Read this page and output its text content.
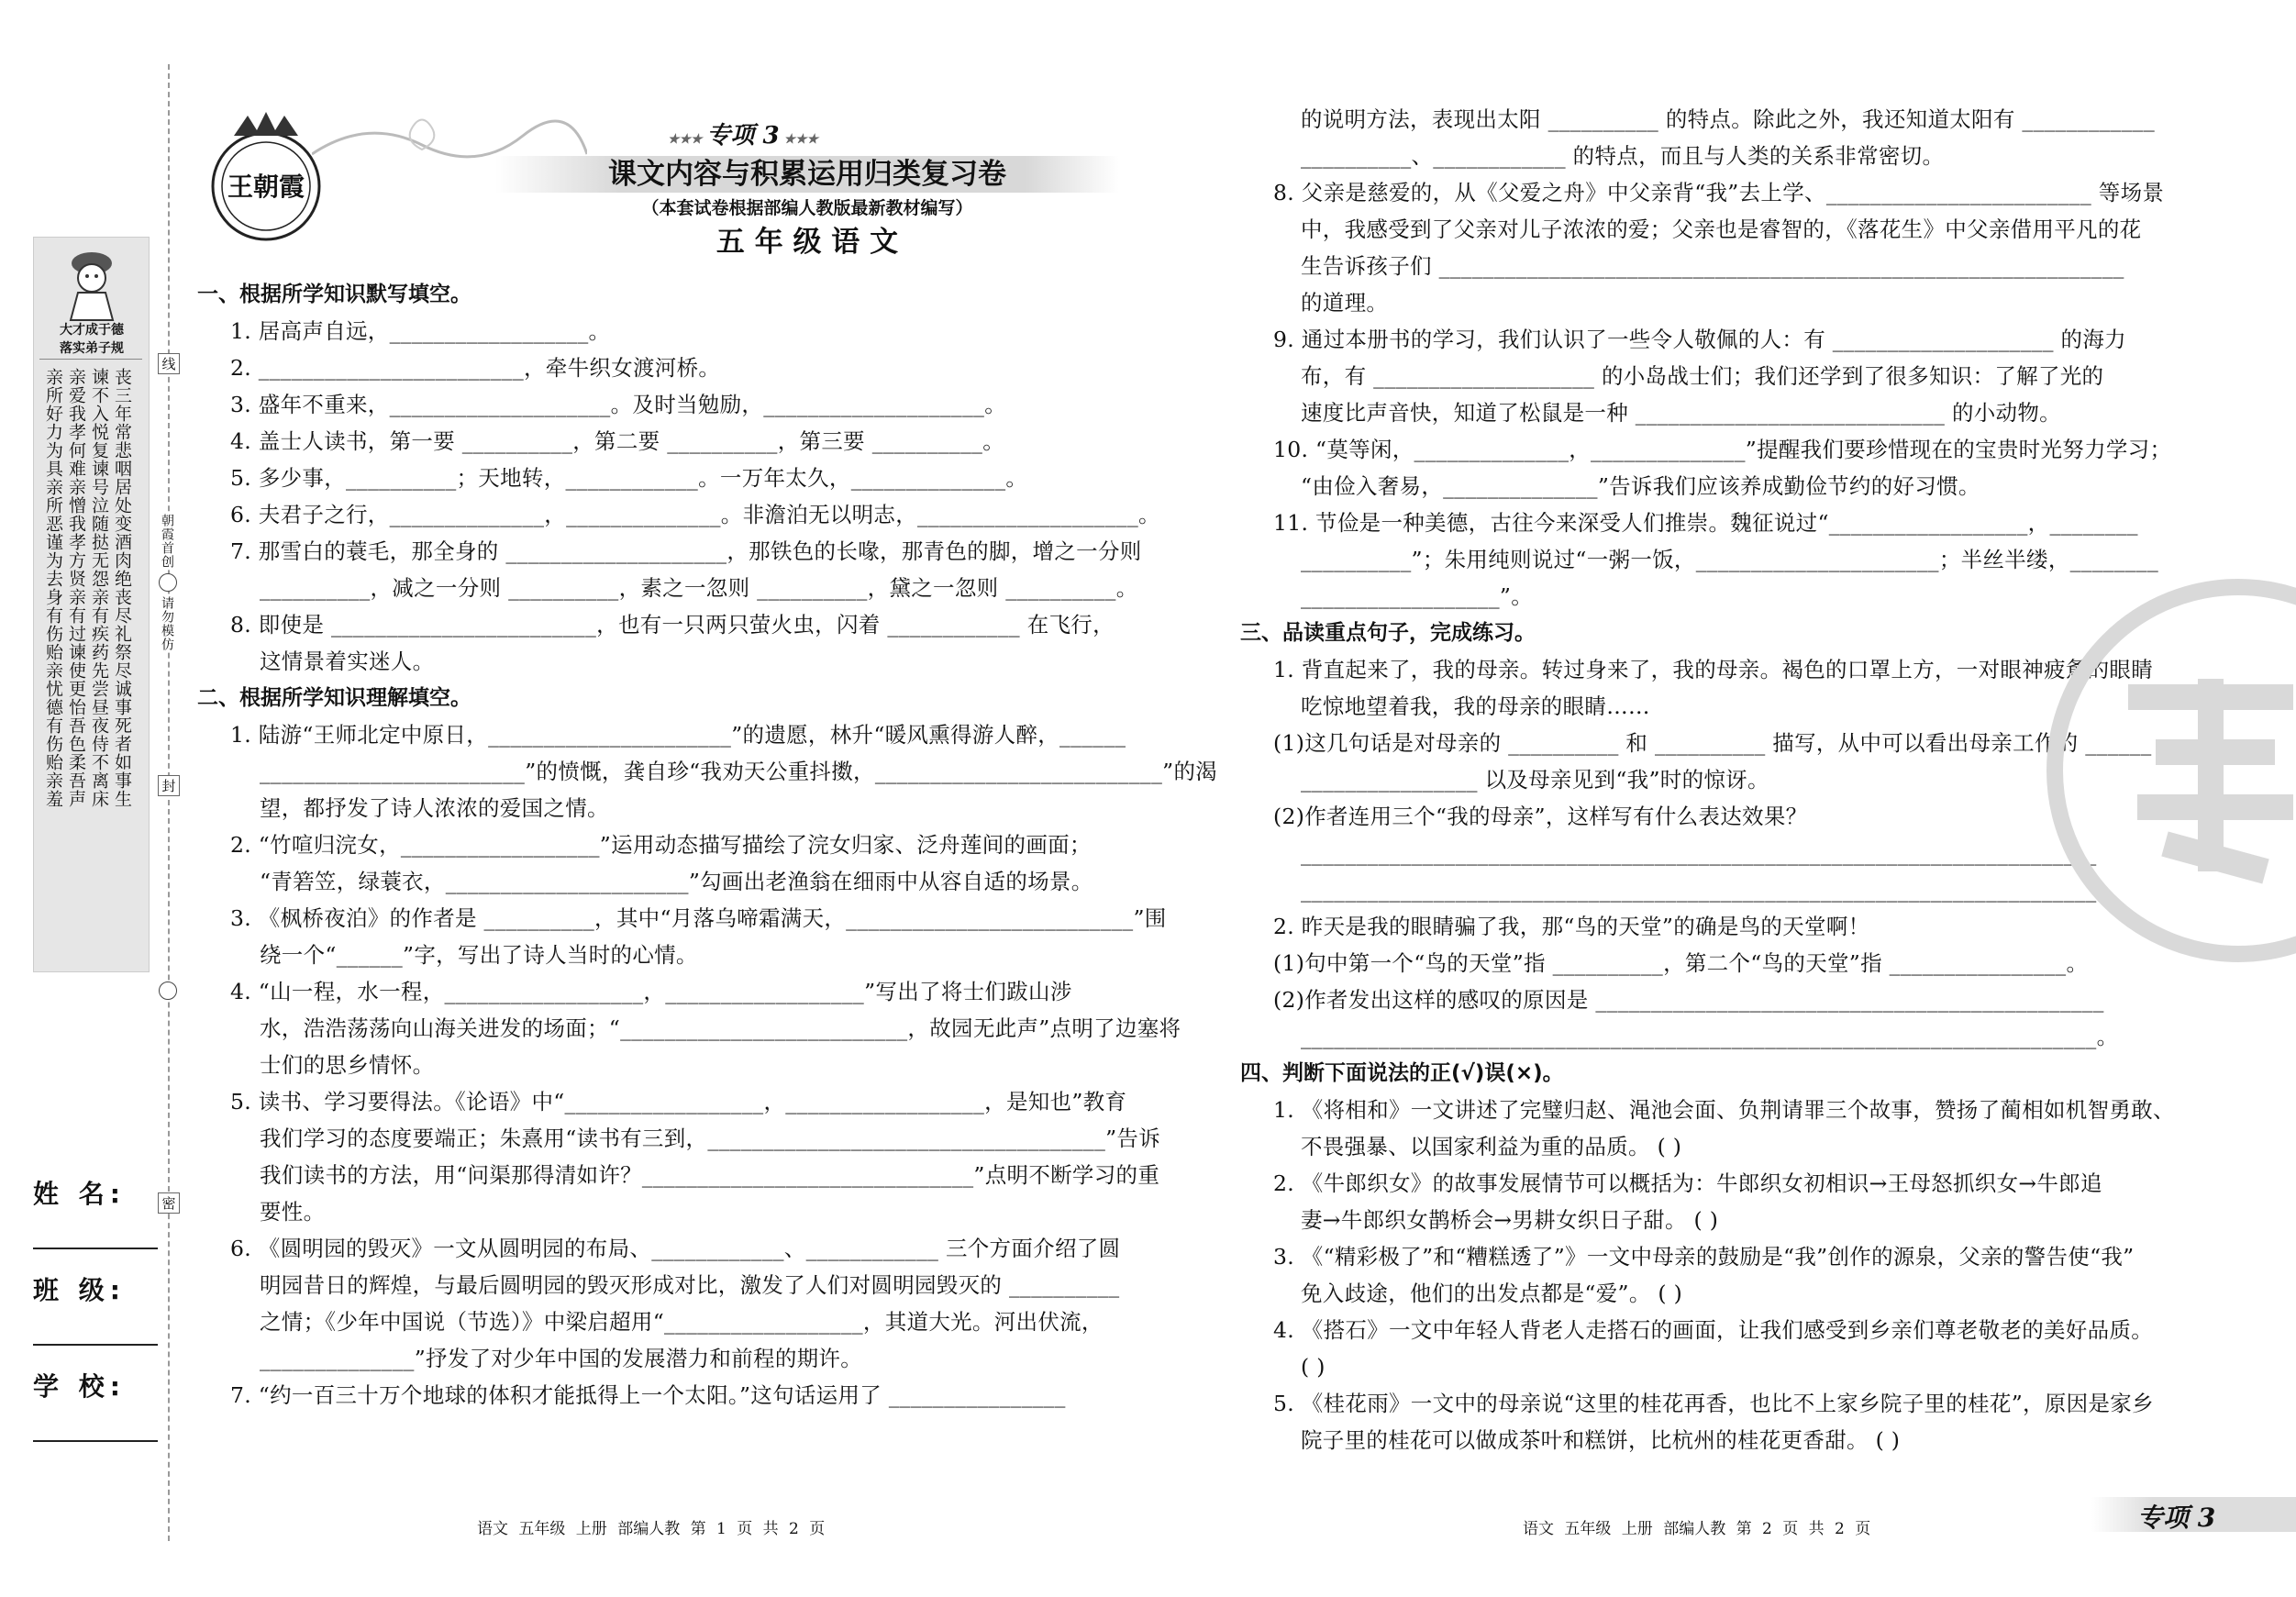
大才成于德
落实弟子规
丧三年常悲咽居处变酒肉绝丧尽礼祭尽诚事死者如事生
谏不入悦复谏号泣随挞无怨亲有疾药先尝昼夜侍不离床
亲爱我孝何难亲憎我孝方贤亲有过谏使更怡吾色柔吾声
亲所好力为具亲所恶谨为去身有伤贻亲忧德有伤贻亲羞
线
朝霞首创
请勿模仿
封
密
姓 名:
班 级:
学 校:
王朝霞
★★★ 专项 3 ★★★
课文内容与积累运用归类复习卷
（本套试卷根据部编人教版最新教材编写）
五 年 级 语 文
一、根据所学知识默写填空。
1. 居高声自远，__________________。
2. ________________________，牵牛织女渡河桥。
3. 盛年不重来，____________________。及时当勉励，____________________。
4. 盖士人读书，第一要 __________，第二要 __________，第三要 __________。
5. 多少事，__________；天地转，____________。一万年太久，______________。
6. 夫君子之行，______________，______________。非澹泊无以明志，____________________。
7. 那雪白的蓑毛，那全身的 ____________________，那铁色的长喙，那青色的脚，增之一分则
__________，减之一分则 __________，素之一忽则 __________，黛之一忽则 __________。
8. 即使是 ________________________，也有一只两只萤火虫，闪着 ____________ 在飞行，
这情景着实迷人。
二、根据所学知识理解填空。
1. 陆游“王师北定中原日，______________________”的遗愿，林升“暖风熏得游人醉，______
________________________”的愤慨，龚自珍“我劝天公重抖擞，__________________________”的渴
望，都抒发了诗人浓浓的爱国之情。
2. “竹喧归浣女，__________________”运用动态描写描绘了浣女归家、泛舟莲间的画面；
“青箬笠，绿蓑衣，______________________”勾画出老渔翁在细雨中从容自适的场景。
3. 《枫桥夜泊》的作者是 __________，其中“月落乌啼霜满天，__________________________”围
绕一个“______”字，写出了诗人当时的心情。
4. “山一程，水一程，__________________，__________________”写出了将士们跋山涉
水，浩浩荡荡向山海关进发的场面；“__________________________，故园无此声”点明了边塞将
士们的思乡情怀。
5. 读书、学习要得法。《论语》中“__________________，__________________，是知也”教育
我们学习的态度要端正；朱熹用“读书有三到，____________________________________”告诉
我们读书的方法，用“问渠那得清如许？______________________________”点明不断学习的重
要性。
6. 《圆明园的毁灭》一文从圆明园的布局、____________、____________ 三个方面介绍了圆
明园昔日的辉煌，与最后圆明园的毁灭形成对比，激发了人们对圆明园毁灭的 __________
之情；《少年中国说（节选）》中梁启超用“__________________，其道大光。河出伏流，
______________”抒发了对少年中国的发展潜力和前程的期许。
7. “约一百三十万个地球的体积才能抵得上一个太阳。”这句话运用了 ________________
的说明方法，表现出太阳 __________ 的特点。除此之外，我还知道太阳有 ____________
__________、____________ 的特点，而且与人类的关系非常密切。
8. 父亲是慈爱的，从《父爱之舟》中父亲背“我”去上学、________________________ 等场景
中，我感受到了父亲对儿子浓浓的爱；父亲也是睿智的，《落花生》中父亲借用平凡的花
生告诉孩子们 ______________________________________________________________
的道理。
9. 通过本册书的学习，我们认识了一些令人敬佩的人：有 ____________________ 的海力
布，有 ____________________ 的小岛战士们；我们还学到了很多知识：了解了光的
速度比声音快，知道了松鼠是一种 ____________________________ 的小动物。
10. “莫等闲，______________，______________”提醒我们要珍惜现在的宝贵时光努力学习；
“由俭入奢易，______________”告诉我们应该养成勤俭节约的好习惯。
11. 节俭是一种美德，古往今来深受人们推崇。魏征说过“__________________，________
__________”；朱用纯则说过“一粥一饭，______________________；半丝半缕，________
__________________”。
三、品读重点句子，完成练习。
1. 背直起来了，我的母亲。转过身来了，我的母亲。褐色的口罩上方，一对眼神疲惫的眼睛
吃惊地望着我，我的母亲的眼睛……
(1)这几句话是对母亲的 __________ 和 __________ 描写，从中可以看出母亲工作的 ______
________________ 以及母亲见到“我”时的惊讶。
(2)作者连用三个“我的母亲”，这样写有什么表达效果？
________________________________________________________________________
________________________________________________________________________
2. 昨天是我的眼睛骗了我，那“鸟的天堂”的确是鸟的天堂啊！
(1)句中第一个“鸟的天堂”指 __________，第二个“鸟的天堂”指 ________________。
(2)作者发出这样的感叹的原因是 ______________________________________________
________________________________________________________________________。
四、判断下面说法的正(√)误(×)。
1. 《将相和》一文讲述了完璧归赵、渑池会面、负荆请罪三个故事，赞扬了蔺相如机智勇敢、
不畏强暴、以国家利益为重的品质。 ( )
2. 《牛郎织女》的故事发展情节可以概括为：牛郎织女初相识→王母怒抓织女→牛郎追
妻→牛郎织女鹊桥会→男耕女织日子甜。 ( )
3. 《“精彩极了”和“糟糕透了”》一文中母亲的鼓励是“我”创作的源泉，父亲的警告使“我”
免入歧途，他们的出发点都是“爱”。 ( )
4. 《搭石》一文中年轻人背老人走搭石的画面，让我们感受到乡亲们尊老敬老的美好品质。
( )
5. 《桂花雨》一文中的母亲说“这里的桂花再香，也比不上家乡院子里的桂花”，原因是家乡
院子里的桂花可以做成茶叶和糕饼，比杭州的桂花更香甜。 ( )
语文 五年级 上册 部编人教 第 1 页 共 2 页	语文 五年级 上册 部编人教 第 2 页 共 2 页	专项 3
